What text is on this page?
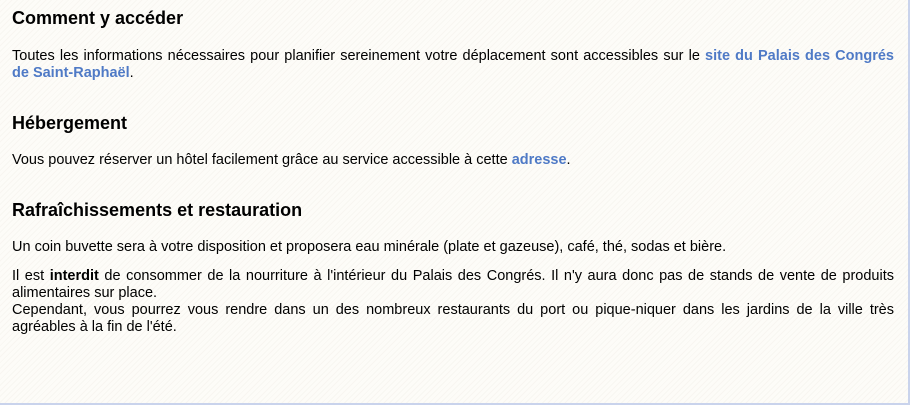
Comment y accéder

Toutes les informations nécessaires pour planifier sereinement votre déplacement sont accessibles sur le site du Palais des Congrés de Saint-Raphaël.

Hébergement

Vous pouvez réserver un hôtel facilement grâce au service accessible à cette adresse.

Rafraîchissements et restauration

Un coin buvette sera à votre disposition et proposera eau minérale (plate et gazeuse), café, thé, sodas et bière.

Il est interdit de consommer de la nourriture à l'intérieur du Palais des Congrés. Il n'y aura donc pas de stands de vente de produits alimentaires sur place.

Cependant, vous pourrez vous rendre dans un des nombreux restaurants du port ou pique-niquer dans les jardins de la ville très agréables à la fin de l'été.
